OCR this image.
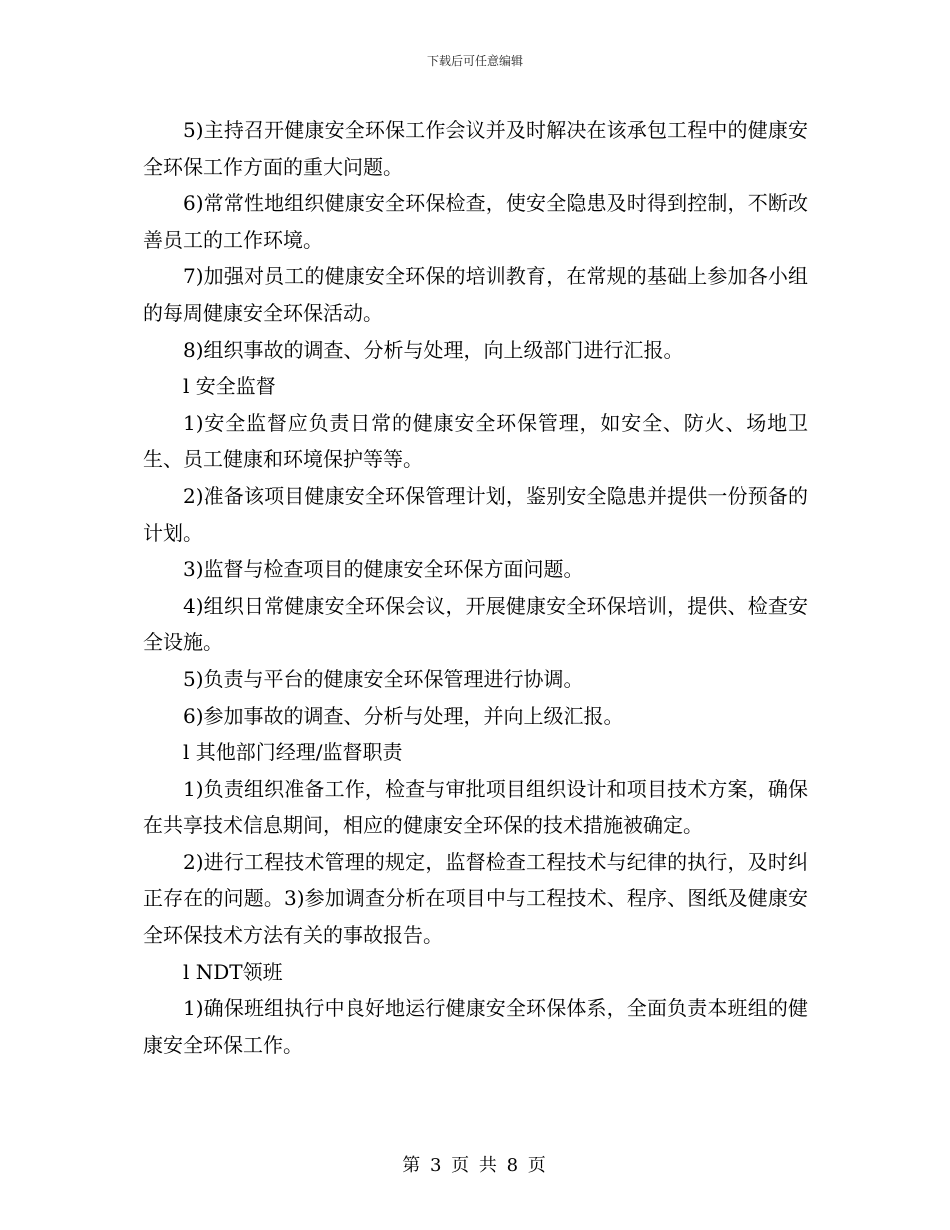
下载后可任意编辑

5)主持召开健康安全环保工作会议并及时解决在该承包工程中的健康安全环保工作方面的重大问题。

6)常常性地组织健康安全环保检查，使安全隐患及时得到控制，不断改善员工的工作环境。

7)加强对员工的健康安全环保的培训教育，在常规的基础上参加各小组的每周健康安全环保活动。

8)组织事故的调查、分析与处理，向上级部门进行汇报。

l 安全监督

1)安全监督应负责日常的健康安全环保管理，如安全、防火、场地卫生、员工健康和环境保护等等。

2)准备该项目健康安全环保管理计划，鉴别安全隐患并提供一份预备的计划。

3)监督与检查项目的健康安全环保方面问题。

4)组织日常健康安全环保会议，开展健康安全环保培训，提供、检查安全设施。

5)负责与平台的健康安全环保管理进行协调。

6)参加事故的调查、分析与处理，并向上级汇报。

l 其他部门经理/监督职责

1)负责组织准备工作，检查与审批项目组织设计和项目技术方案，确保在共享技术信息期间，相应的健康安全环保的技术措施被确定。

2)进行工程技术管理的规定，监督检查工程技术与纪律的执行，及时纠正存在的问题。3)参加调查分析在项目中与工程技术、程序、图纸及健康安全环保技术方法有关的事故报告。

l NDT领班

1)确保班组执行中良好地运行健康安全环保体系，全面负责本班组的健康安全环保工作。

第 3 页 共 8 页
